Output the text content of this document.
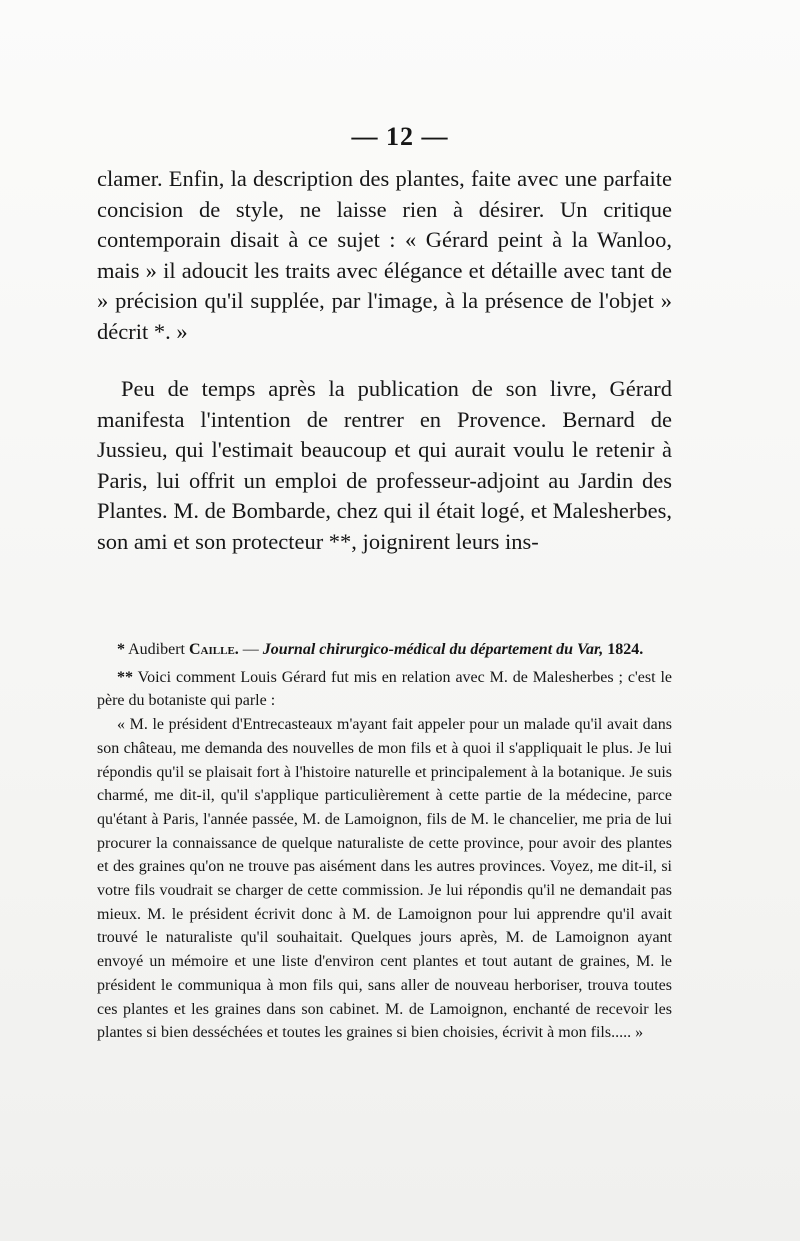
— 12 —

clamer. Enfin, la description des plantes, faite avec une parfaite concision de style, ne laisse rien à désirer. Un critique contemporain disait à ce sujet : « Gérard peint à la Wanloo, mais » il adoucit les traits avec élégance et détaille avec tant de » précision qu'il supplée, par l'image, à la présence de l'objet » décrit *. »

Peu de temps après la publication de son livre, Gérard manifesta l'intention de rentrer en Provence. Bernard de Jussieu, qui l'estimait beaucoup et qui aurait voulu le retenir à Paris, lui offrit un emploi de professeur-adjoint au Jardin des Plantes. M. de Bombarde, chez qui il était logé, et Malesherbes, son ami et son protecteur **, joignirent leurs ins-

* Audibert Caille. — Journal chirurgico-médical du département du Var, 1824.

** Voici comment Louis Gérard fut mis en relation avec M. de Malesherbes ; c'est le père du botaniste qui parle :

« M. le président d'Entrecasteaux m'ayant fait appeler pour un malade qu'il avait dans son château, me demanda des nouvelles de mon fils et à quoi il s'appliquait le plus. Je lui répondis qu'il se plaisait fort à l'histoire naturelle et principalement à la botanique. Je suis charmé, me dit-il, qu'il s'applique particulièrement à cette partie de la médecine, parce qu'étant à Paris, l'année passée, M. de Lamoignon, fils de M. le chancelier, me pria de lui procurer la connaissance de quelque naturaliste de cette province, pour avoir des plantes et des graines qu'on ne trouve pas aisément dans les autres provinces. Voyez, me dit-il, si votre fils voudrait se charger de cette commission. Je lui répondis qu'il ne demandait pas mieux. M. le président écrivit donc à M. de Lamoignon pour lui apprendre qu'il avait trouvé le naturaliste qu'il souhaitait. Quelques jours après, M. de Lamoignon ayant envoyé un mémoire et une liste d'environ cent plantes et tout autant de graines, M. le président le communiqua à mon fils qui, sans aller de nouveau herboriser, trouva toutes ces plantes et les graines dans son cabinet. M. de Lamoignon, enchanté de recevoir les plantes si bien desséchées et toutes les graines si bien choisies, écrivit à mon fils..... »
